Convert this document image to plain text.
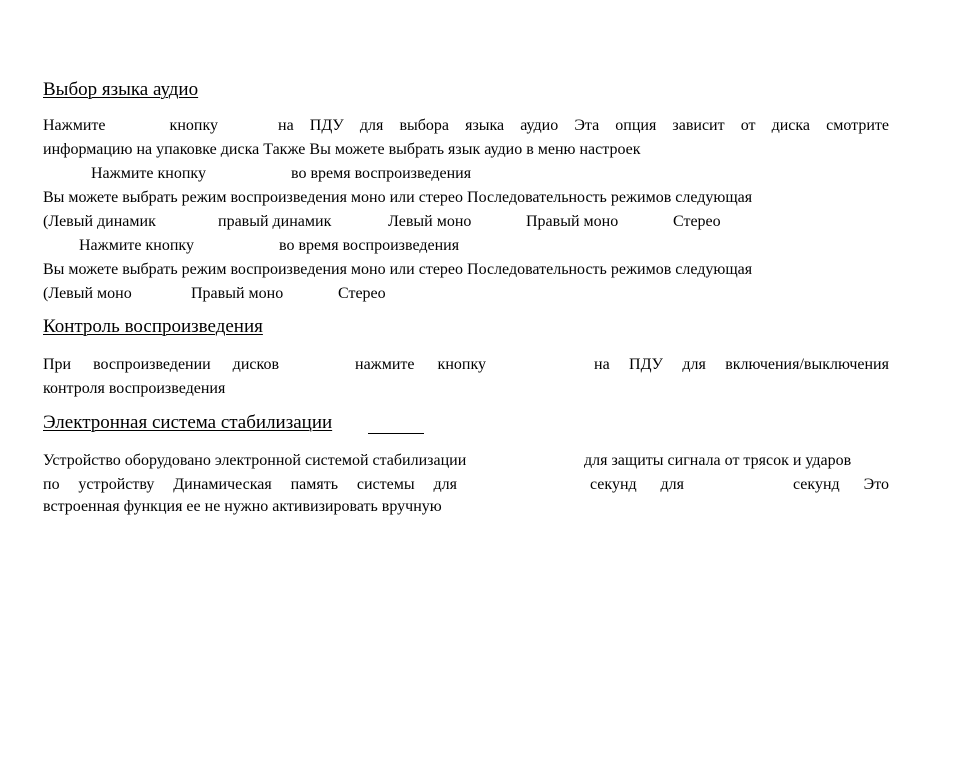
Выбор языка аудио
Нажмите	кнопку	на ПДУ для выбора языка аудио Эта опция зависит от диска смотрите
информацию на упаковке диска Также Вы можете выбрать язык аудио в меню настроек
Нажмите кнопку	во время воспроизведения
Вы можете выбрать режим воспроизведения моно или стерео Последовательность режимов следующая
(Левый динамик	правый динамик	Левый моно	Правый моно	Стерео
Нажмите кнопку	во время воспроизведения
Вы можете выбрать режим воспроизведения моно или стерео Последовательность режимов следующая
(Левый моно	Правый моно	Стерео
Контроль воспроизведения
При воспроизведении дисков	нажмите кнопку	на ПДУ для включения/выключения
контроля воспроизведения
Электронная система стабилизации
Устройство оборудовано электронной системой стабилизации	для защиты сигнала от трясок и ударов
по устройству Динамическая память системы для	секунд для	секунд Это
встроенная функция ее не нужно активизировать вручную
